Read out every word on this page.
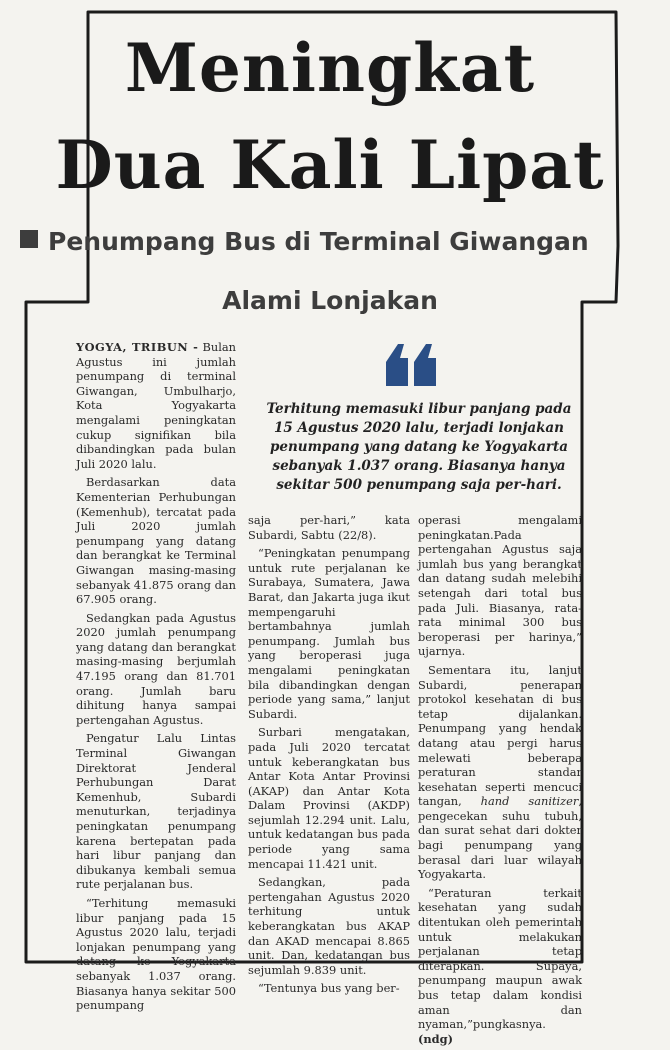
Meningkat
Dua Kali Lipat
Penumpang Bus di Terminal Giwangan
Alami Lonjakan

Terhitung memasuki libur panjang pada 15 Agustus 2020 lalu, terjadi lonjakan penumpang yang datang ke Yogyakarta sebanyak 1.037 orang. Biasanya hanya sekitar 500 penumpang saja per-hari.

YOGYA, TRIBUN - Bulan Agustus ini jumlah penumpang di terminal Giwangan, Umbulharjo, Kota Yogyakarta mengalami peningkatan cukup signifikan bila dibandingkan pada bulan Juli 2020 lalu.

Berdasarkan data Kementerian Perhubungan (Kemenhub), tercatat pada Juli 2020 jumlah penumpang yang datang dan berangkat ke Terminal Giwangan masing-masing sebanyak 41.875 orang dan 67.905 orang.

Sedangkan pada Agustus 2020 jumlah penumpang yang datang dan berangkat masing-masing berjumlah 47.195 orang dan 81.701 orang. Jumlah baru dihitung hanya sampai pertengahan Agustus.

Pengatur Lalu Lintas Terminal Giwangan Direktorat Jenderal Perhubungan Darat Kemenhub, Subardi menuturkan, terjadinya peningkatan penumpang karena bertepatan pada hari libur panjang dan dibukanya kembali semua rute perjalanan bus.

“Terhitung memasuki libur panjang pada 15 Agustus 2020 lalu, terjadi lonjakan penumpang yang datang ke Yogyakarta sebanyak 1.037 orang. Biasanya hanya sekitar 500 penumpang

saja per-hari,” kata Subardi, Sabtu (22/8).

“Peningkatan penumpang untuk rute perjalanan ke Surabaya, Sumatera, Jawa Barat, dan Jakarta juga ikut mempengaruhi bertambahnya jumlah penumpang. Jumlah bus yang beroperasi juga mengalami peningkatan bila dibandingkan dengan periode yang sama,” lanjut Subardi.

Surbari mengatakan, pada Juli 2020 tercatat untuk keberangkatan bus Antar Kota Antar Provinsi (AKAP) dan Antar Kota Dalam Provinsi (AKDP) sejumlah 12.294 unit. Lalu, untuk kedatangan bus pada periode yang sama mencapai 11.421 unit.

Sedangkan, pada pertengahan Agustus 2020 terhitung untuk keberangkatan bus AKAP dan AKAD mencapai 8.865 unit. Dan, kedatangan bus sejumlah 9.839 unit.

“Tentunya bus yang ber-

operasi mengalami peningkatan.Pada pertengahan Agustus saja jumlah bus yang berangkat dan datang sudah melebihi setengah dari total bus pada Juli. Biasanya, rata-rata minimal 300 bus beroperasi per harinya,” ujarnya.

Sementara itu, lanjut Subardi, penerapan protokol kesehatan di bus tetap dijalankan. Penumpang yang hendak datang atau pergi harus melewati beberapa peraturan standar kesehatan seperti mencuci tangan, hand sanitizer, pengecekan suhu tubuh, dan surat sehat dari dokter bagi penumpang yang berasal dari luar wilayah Yogyakarta.

“Peraturan terkait kesehatan yang sudah ditentukan oleh pemerintah untuk melakukan perjalanan tetap diterapkan. Supaya, penumpang maupun awak bus tetap dalam kondisi aman dan nyaman,”pungkasnya. (ndg)
